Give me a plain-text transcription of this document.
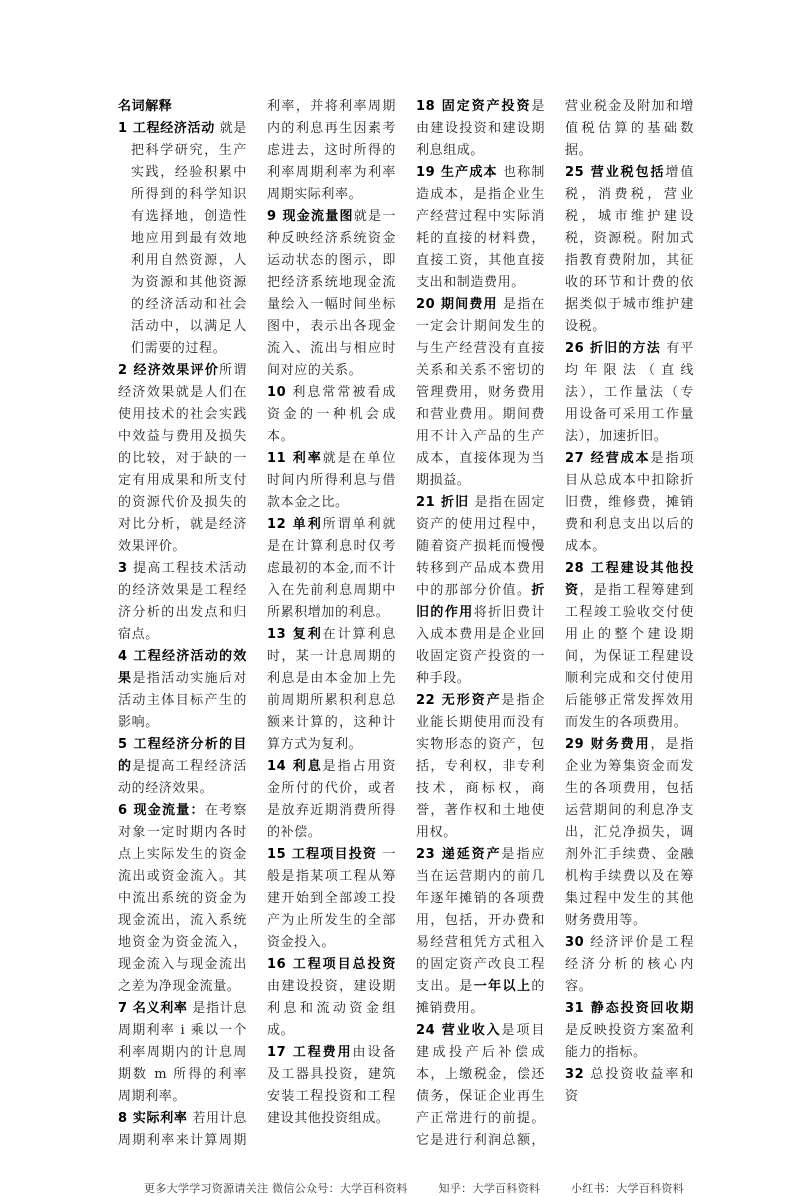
名词解释

1 工程经济活动 就是把科学研究，生产实践，经验积累中所得到的科学知识有选择地，创造性地应用到最有效地利用自然资源，人为资源和其他资源的经济活动和社会活动中，以满足人们需要的过程。

2 经济效果评价所谓经济效果就是人们在使用技术的社会实践中效益与费用及损失的比较，对于缺的一定有用成果和所支付的资源代价及损失的对比分析，就是经济效果评价。

3 提高工程技术活动的经济效果是工程经济分析的出发点和归宿点。

4 工程经济活动的效果是指活动实施后对活动主体目标产生的影响。

5 工程经济分析的目的是提高工程经济活动的经济效果。

6 现金流量：在考察对象一定时期内各时点上实际发生的资金流出或资金流入。其中流出系统的资金为现金流出，流入系统地资金为资金流入，现金流入与现金流出之差为净现金流量。

7 名义利率 是指计息周期利率 i 乘以一个利率周期内的计息周期数 m 所得的利率周期利率。

8 实际利率 若用计息周期利率来计算周期利率，并将利率周期内的利息再生因素考虑进去，这时所得的利率周期利率为利率周期实际利率。

9 现金流量图就是一种反映经济系统资金运动状态的图示，即把经济系统地现金流量绘入一幅时间坐标图中，表示出各现金流入、流出与相应时间对应的关系。

10 利息常常被看成资金的一种机会成本。

11 利率就是在单位时间内所得利息与借款本金之比。

12 单利所谓单利就是在计算利息时仅考虑最初的本金,而不计入在先前利息周期中所累积增加的利息。

13 复利在计算利息时，某一计息周期的利息是由本金加上先前周期所累积利息总额来计算的，这种计算方式为复利。

14 利息是指占用资金所付的代价，或者是放弃近期消费所得的补偿。

15 工程项目投资 一般是指某项工程从筹建开始到全部竣工投产为止所发生的全部资金投入。

16 工程项目总投资由建设投资，建设期利息和流动资金组成。

17 工程费用由设备及工器具投资，建筑安装工程投资和工程建设其他投资组成。

18 固定资产投资是由建设投资和建设期利息组成。

19 生产成本 也称制造成本，是指企业生产经营过程中实际消耗的直接的材料费，直接工资，其他直接支出和制造费用。

20 期间费用 是指在一定会计期间发生的与生产经营没有直接关系和关系不密切的管理费用，财务费用和营业费用。期间费用不计入产品的生产成本，直接体现为当期损益。

21 折旧 是指在固定资产的使用过程中，随着资产损耗而慢慢转移到产品成本费用中的那部分价值。折旧的作用将折旧费计入成本费用是企业回收固定资产投资的一种手段。

22 无形资产是指企业能长期使用而没有实物形态的资产，包括，专利权，非专利技术，商标权，商誉，著作权和土地使用权。

23 递延资产是指应当在运营期内的前几年逐年摊销的各项费用，包括，开办费和易经营租凭方式租入的固定资产改良工程支出。是一年以上的摊销费用。

24 营业收入是项目建成投产后补偿成本，上缴税金，偿还债务，保证企业再生产正常进行的前提。它是进行利润总额，营业税金及附加和增值税估算的基础数据。

25 营业税包括增值税，消费税，营业税，城市维护建设税，资源税。附加式指教育费附加，其征收的环节和计费的依据类似于城市维护建设税。

26 折旧的方法 有平均年限法（直线法），工作量法（专用设备可采用工作量法），加速折旧。

27 经营成本是指项目从总成本中扣除折旧费，维修费，摊销费和利息支出以后的成本。

28 工程建设其他投资，是指工程筹建到工程竣工验收交付使用止的整个建设期间，为保证工程建设顺利完成和交付使用后能够正常发挥效用而发生的各项费用。

29 财务费用，是指企业为筹集资金而发生的各项费用，包括运营期间的利息净支出，汇兑净损失，调剂外汇手续费、金融机构手续费以及在筹集过程中发生的其他财务费用等。

30 经济评价是工程经济分析的核心内容。

31 静态投资回收期是反映投资方案盈利能力的指标。

32 总投资收益率和资

更多大学学习资源请关注 微信公众号：大学百科资料	知乎：大学百科资料	小红书：大学百科资料
